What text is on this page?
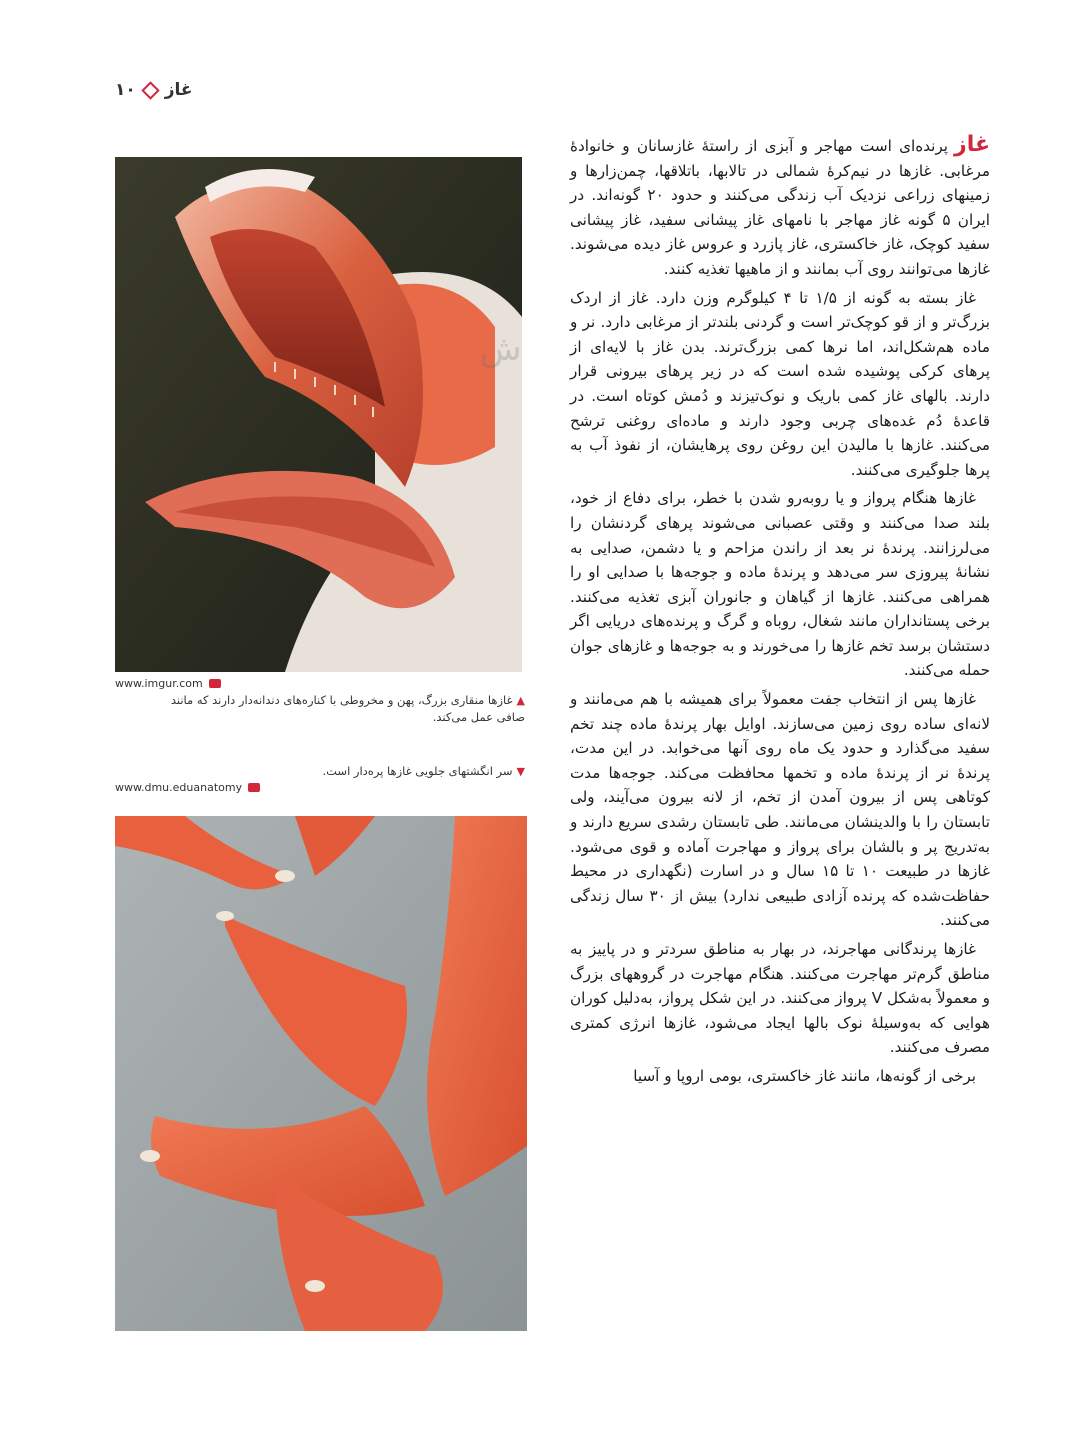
۱۰ غاز
www.imgur.com
▲غازها منقاری بزرگ، پهن و مخروطی با کناره‌های دندانه‌دار دارند که مانند صافی عمل می‌کند.
▼سر انگشتهای جلویی غازها پره‌دار است.
www.dmu.eduanatomy
ش

غازپرنده‌ای است مهاجر و آبزی از راستهٔ غازسانان و خانوادهٔ مرغابی. غازها در نیم‌کرهٔ شمالی در تالابها، باتلاقها، چمن‌زارها و زمینهای زراعی نزدیک آب زندگی می‌کنند و حدود ۲۰ گونه‌اند. در ایران ۵ گونه غاز مهاجر با نامهای غاز پیشانی سفید، غاز پیشانی سفید کوچک، غاز خاکستری، غاز پازرد و عروس غاز دیده می‌شوند. غازها می‌توانند روی آب بمانند و از ماهیها تغذیه کنند.

غاز بسته به گونه از ۱/۵ تا ۴ کیلوگرم وزن دارد. غاز از اردک بزرگ‌تر و از قو کوچک‌تر است و گردنی بلندتر از مرغابی دارد. نر و ماده هم‌شکل‌اند، اما نرها کمی بزرگ‌ترند. بدن غاز با لایه‌ای از پرهای کرکی پوشیده شده است که در زیر پرهای بیرونی قرار دارند. بالهای غاز کمی باریک و نوک‌تیزند و دُمش کوتاه است. در قاعدهٔ دُم غده‌های چربی وجود دارند و ماده‌ای روغنی ترشح می‌کنند. غازها با مالیدن این روغن روی پرهایشان، از نفوذ آب به پرها جلوگیری می‌کنند.

غازها هنگام پرواز و یا روبه‌رو شدن با خطر، برای دفاع از خود، بلند صدا می‌کنند و وقتی عصبانی می‌شوند پرهای گردنشان را می‌لرزانند. پرندهٔ نر بعد از راندن مزاحم و یا دشمن، صدایی به نشانهٔ پیروزی سر می‌دهد و پرندهٔ ماده و جوجه‌ها با صدایی او را همراهی می‌کنند. غازها از گیاهان و جانوران آبزی تغذیه می‌کنند. برخی پستانداران مانند شغال، روباه و گرگ و پرنده‌های دریایی اگر دستشان برسد تخم غازها را می‌خورند و به جوجه‌ها و غازهای جوان حمله می‌کنند.

غازها پس از انتخاب جفت معمولاً برای همیشه با هم می‌مانند و لانه‌ای ساده روی زمین می‌سازند. اوایل بهار پرندهٔ ماده چند تخم سفید می‌گذارد و حدود یک ماه روی آنها می‌خوابد. در این مدت، پرندهٔ نر از پرندهٔ ماده و تخمها محافظت می‌کند. جوجه‌ها مدت کوتاهی پس از بیرون آمدن از تخم، از لانه بیرون می‌آیند، ولی تابستان را با والدینشان می‌مانند. طی تابستان رشدی سریع دارند و به‌تدریج پر و بالشان برای پرواز و مهاجرت آماده و قوی می‌شود. غازها در طبیعت ۱۰ تا ۱۵ سال و در اسارت (نگهداری در محیط حفاظت‌شده که پرنده آزادی طبیعی ندارد) بیش از ۳۰ سال زندگی می‌کنند.

غازها پرندگانی مهاجرند، در بهار به مناطق سردتر و در پاییز به مناطق گرم‌تر مهاجرت می‌کنند. هنگام مهاجرت در گروههای بزرگ و معمولاً به‌شکل V پرواز می‌کنند. در این شکل پرواز، به‌دلیل کوران هوایی که به‌وسیلهٔ نوک بالها ایجاد می‌شود، غازها انرژی کمتری مصرف می‌کنند.

برخی از گونه‌ها، مانند غاز خاکستری، بومی اروپا و آسیا
